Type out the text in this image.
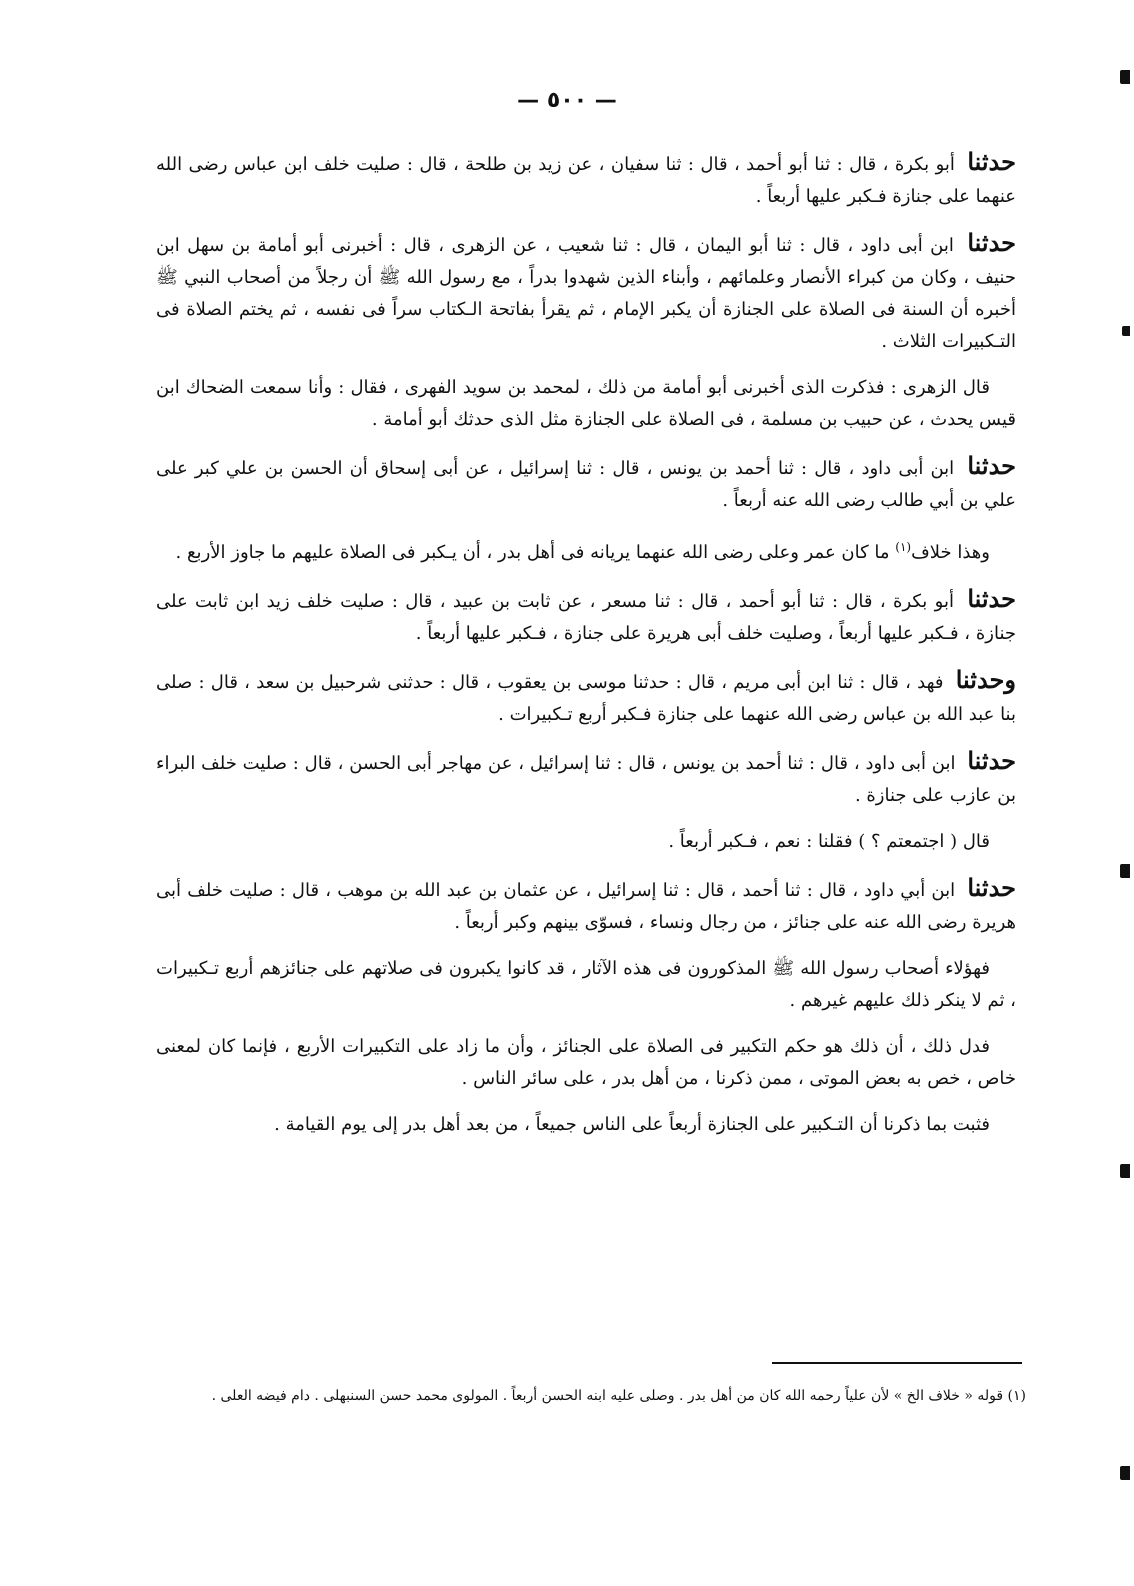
— ٥٠٠ —

حدثنا أبو بكرة ، قال : ثنا أبو أحمد ، قال : ثنا سفيان ، عن زيد بن طلحة ، قال : صليت خلف ابن عباس رضى الله عنهما على جنازة فـكبر عليها أربعاً .

حدثنا ابن أبى داود ، قال : ثنا أبو اليمان ، قال : ثنا شعيب ، عن الزهرى ، قال : أخبرنى أبو أمامة بن سهل ابن حنيف ، وكان من كبراء الأنصار وعلمائهم ، وأبناء الذين شهدوا بدراً ، مع رسول الله ﷺ أن رجلاً من أصحاب النبي ﷺ أخبره أن السنة فى الصلاة على الجنازة أن يكبر الإمام ، ثم يقرأ بفاتحة الـكتاب سراً فى نفسه ، ثم يختم الصلاة فى التـكبيرات الثلاث .

قال الزهرى : فذكرت الذى أخبرنى أبو أمامة من ذلك ، لمحمد بن سويد الفهرى ، فقال : وأنا سمعت الضحاك ابن قيس يحدث ، عن حبيب بن مسلمة ، فى الصلاة على الجنازة مثل الذى حدثك أبو أمامة .

حدثنا ابن أبى داود ، قال : ثنا أحمد بن يونس ، قال : ثنا إسرائيل ، عن أبى إسحاق أن الحسن بن علي كبر على علي بن أبي طالب رضى الله عنه أربعاً .

وهذا خلاف$^{(١)}$ ما كان عمر وعلى رضى الله عنهما يريانه فى أهل بدر ، أن يـكبر فى الصلاة عليهم ما جاوز الأربع .

حدثنا أبو بكرة ، قال : ثنا أبو أحمد ، قال : ثنا مسعر ، عن ثابت بن عبيد ، قال : صليت خلف زيد ابن ثابت على جنازة ، فـكبر عليها أربعاً ، وصليت خلف أبى هريرة على جنازة ، فـكبر عليها أربعاً .

وحدثنا فهد ، قال : ثنا ابن أبى مريم ، قال : حدثنا موسى بن يعقوب ، قال : حدثنى شرحبيل بن سعد ، قال : صلى بنا عبد الله بن عباس رضى الله عنهما على جنازة فـكبر أربع تـكبيرات .

حدثنا ابن أبى داود ، قال : ثنا أحمد بن يونس ، قال : ثنا إسرائيل ، عن مهاجر أبى الحسن ، قال : صليت خلف البراء بن عازب على جنازة .

قال ( اجتمعتم ؟ ) فقلنا : نعم ، فـكبر أربعاً .

حدثنا ابن أبي داود ، قال : ثنا أحمد ، قال : ثنا إسرائيل ، عن عثمان بن عبد الله بن موهب ، قال : صليت خلف أبى هريرة رضى الله عنه على جنائز ، من رجال ونساء ، فسوّى بينهم وكبر أربعاً .

فهؤلاء أصحاب رسول الله ﷺ المذكورون فى هذه الآثار ، قد كانوا يكبرون فى صلاتهم على جنائزهم أربع تـكبيرات ، ثم لا ينكر ذلك عليهم غيرهم .

فدل ذلك ، أن ذلك هو حكم التكبير فى الصلاة على الجنائز ، وأن ما زاد على التكبيرات الأربع ، فإنما كان لمعنى خاص ، خص به بعض الموتى ، ممن ذكرنا ، من أهل بدر ، على سائر الناس .

فثبت بما ذكرنا أن التـكبير على الجنازة أربعاً على الناس جميعاً ، من بعد أهل بدر إلى يوم القيامة .

(١) قوله « خلاف الخ » لأن علياً رحمه الله كان من أهل بدر . وصلى عليه ابنه الحسن أربعاً . المولوى محمد حسن السنبهلى . دام فيضه العلى .
